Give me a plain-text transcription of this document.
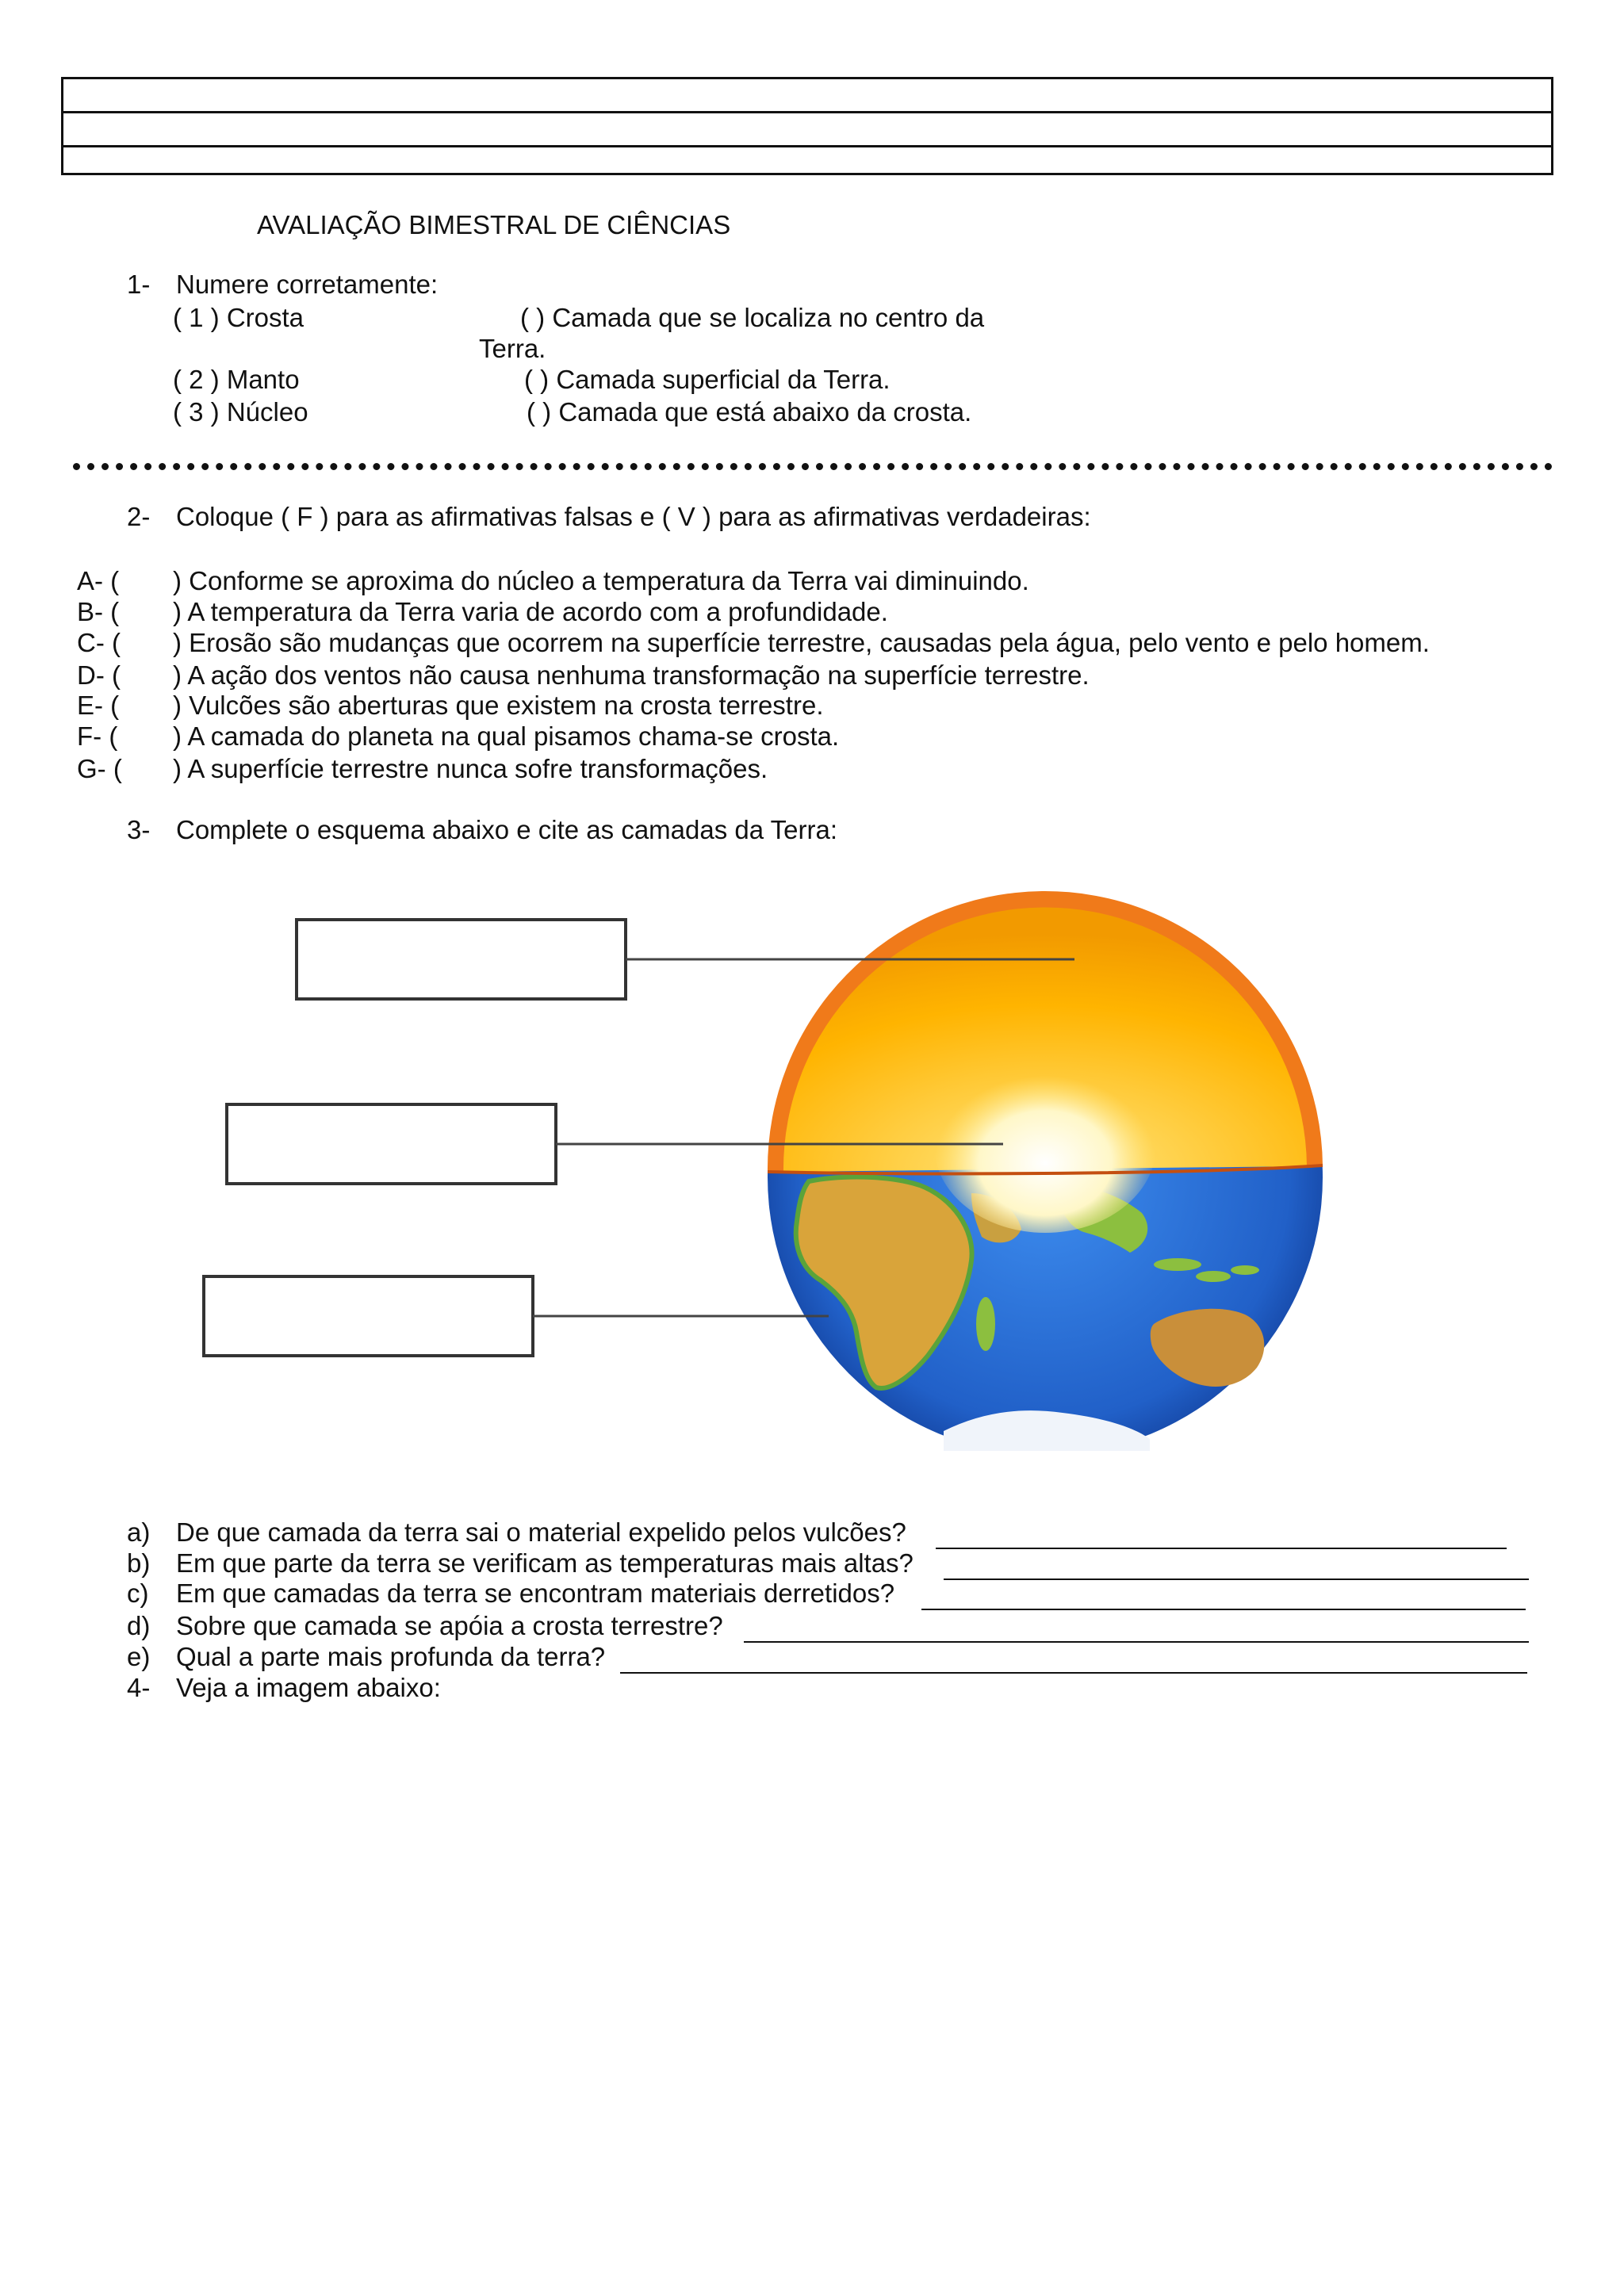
AVALIAÇÃO BIMESTRAL DE CIÊNCIAS
1- Numere corretamente:
( 1 ) Crosta
( 2 ) Manto
( 3 ) Núcleo
( ) Camada que se localiza no centro da
Terra.
( ) Camada superficial da Terra.
( ) Camada que está abaixo da crosta.
2- Coloque ( F ) para as afirmativas falsas e ( V ) para as afirmativas verdadeiras:
A- ( ) Conforme se aproxima do núcleo a temperatura da Terra vai diminuindo.
B- ( ) A temperatura da Terra varia de acordo com a profundidade.
C- ( ) Erosão são mudanças que ocorrem na superfície terrestre, causadas pela água, pelo vento e pelo homem.
D- ( ) A ação dos ventos não causa nenhuma transformação na superfície terrestre.
E- ( ) Vulcões são aberturas que existem na crosta terrestre.
F- ( ) A camada do planeta na qual pisamos chama-se crosta.
G- ( ) A superfície terrestre nunca sofre transformações.
3- Complete o esquema abaixo e cite as camadas da Terra:
a) De que camada da terra sai o material expelido pelos vulcões?
b) Em que parte da terra se verificam as temperaturas mais altas?
c) Em que camadas da terra se encontram materiais derretidos?
d) Sobre que camada se apóia a crosta terrestre?
e) Qual a parte mais profunda da terra?
4- Veja a imagem abaixo:
